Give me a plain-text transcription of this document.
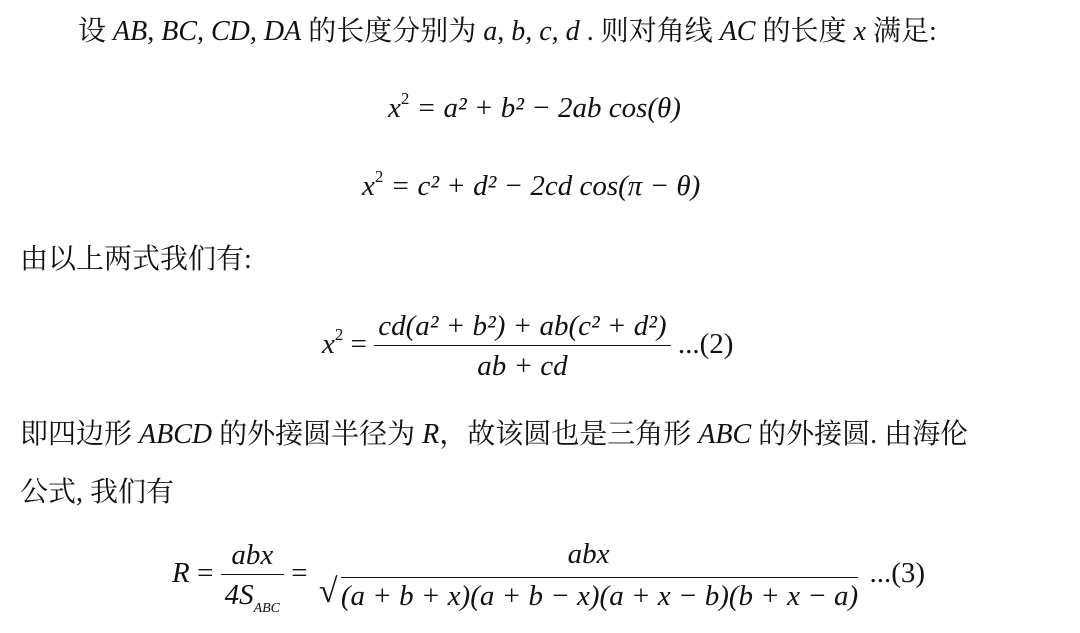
设 AB, BC, CD, DA 的长度分别为 a, b, c, d . 则对角线 AC 的长度 x 满足:
$x^2 = a^2 + b^2 - 2ab$ cos(θ)
$x^2 = c^2 + d^2 - 2cd$ cos(π − θ)
由以上两式我们有:
$x^2 = \frac{\text{cd(a² + b²) + ab(c² + d²)}}{ab + cd} ...(2)$
即四边形 ABCD 的外接圆半径为 R，故该圆也是三角形 ABC 的外接圆. 由海伦
公式, 我们有
$R = \frac{\text{abx}}{4S_{ABC}}$ =
abx
√ (a + b + x)(a + b − x)(a + x − b)(b + x − a)
...(3)
